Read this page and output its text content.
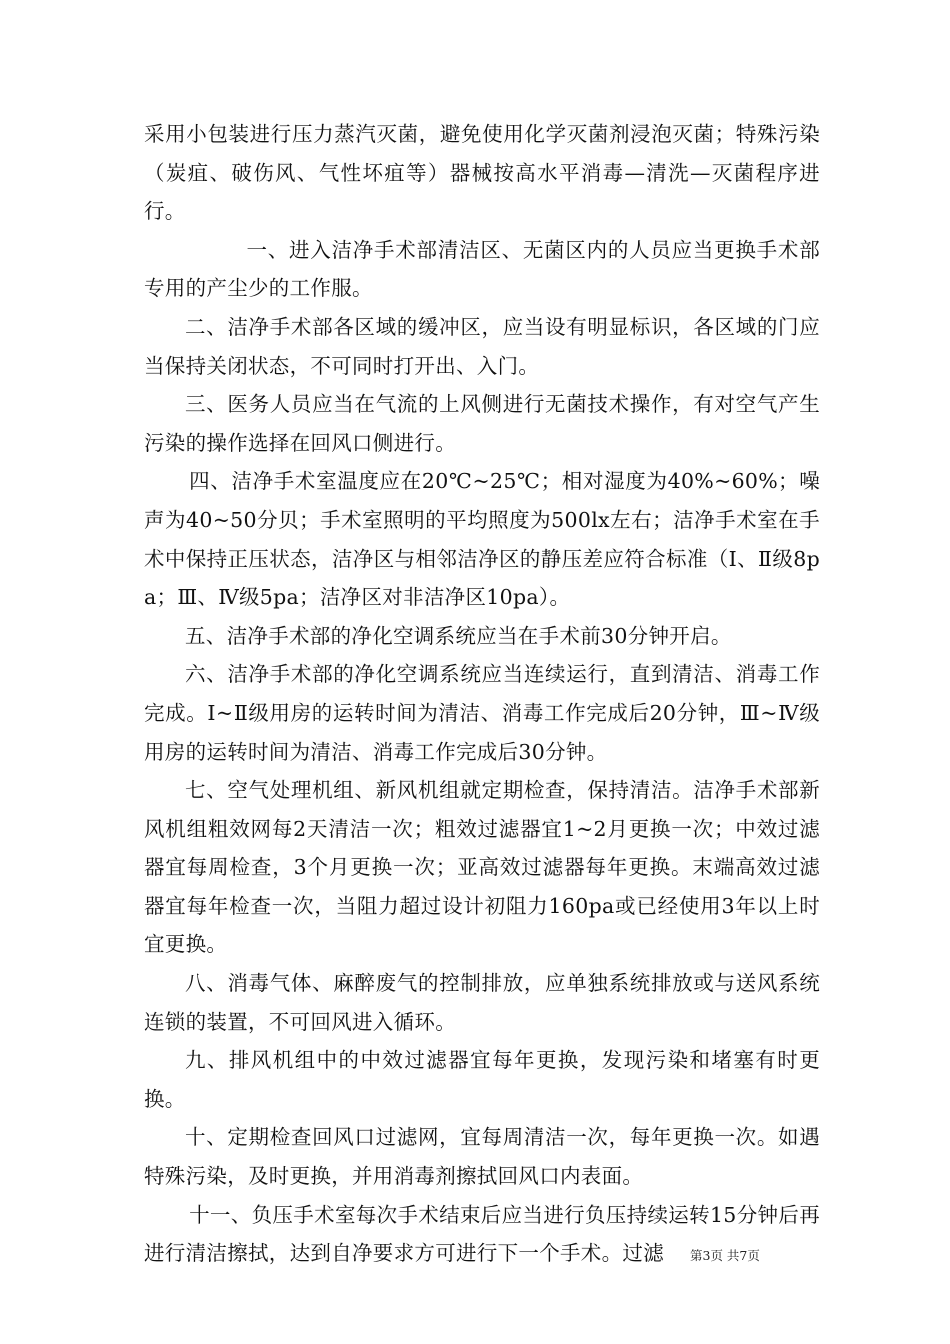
采用小包装进行压力蒸汽灭菌，避免使用化学灭菌剂浸泡灭菌；特殊污染（炭疽、破伤风、气性坏疽等）器械按高水平消毒—清洗—灭菌程序进行。

一、进入洁净手术部清洁区、无菌区内的人员应当更换手术部专用的产尘少的工作服。

二、洁净手术部各区域的缓冲区，应当设有明显标识，各区域的门应当保持关闭状态，不可同时打开出、入门。

三、医务人员应当在气流的上风侧进行无菌技术操作，有对空气产生污染的操作选择在回风口侧进行。

四、洁净手术室温度应在20℃~25℃；相对湿度为40%~60%；噪声为40~50分贝；手术室照明的平均照度为500lx左右；洁净手术室在手术中保持正压状态，洁净区与相邻洁净区的静压差应符合标准（Ⅰ、Ⅱ级8pa；Ⅲ、Ⅳ级5pa；洁净区对非洁净区10pa）。

五、洁净手术部的净化空调系统应当在手术前30分钟开启。

六、洁净手术部的净化空调系统应当连续运行，直到清洁、消毒工作完成。Ⅰ~Ⅱ级用房的运转时间为清洁、消毒工作完成后20分钟，Ⅲ~Ⅳ级用房的运转时间为清洁、消毒工作完成后30分钟。

七、空气处理机组、新风机组就定期检查，保持清洁。洁净手术部新风机组粗效网每2天清洁一次；粗效过滤器宜1~2月更换一次；中效过滤器宜每周检查，3个月更换一次；亚高效过滤器每年更换。末端高效过滤器宜每年检查一次，当阻力超过设计初阻力160pa或已经使用3年以上时宜更换。

八、消毒气体、麻醉废气的控制排放，应单独系统排放或与送风系统连锁的装置，不可回风进入循环。

九、排风机组中的中效过滤器宜每年更换，发现污染和堵塞有时更换。

十、定期检查回风口过滤网，宜每周清洁一次，每年更换一次。如遇特殊污染，及时更换，并用消毒剂擦拭回风口内表面。

十一、负压手术室每次手术结束后应当进行负压持续运转15分钟后再进行清洁擦拭，达到自净要求方可进行下一个手术。过滤	第3页 共7页
